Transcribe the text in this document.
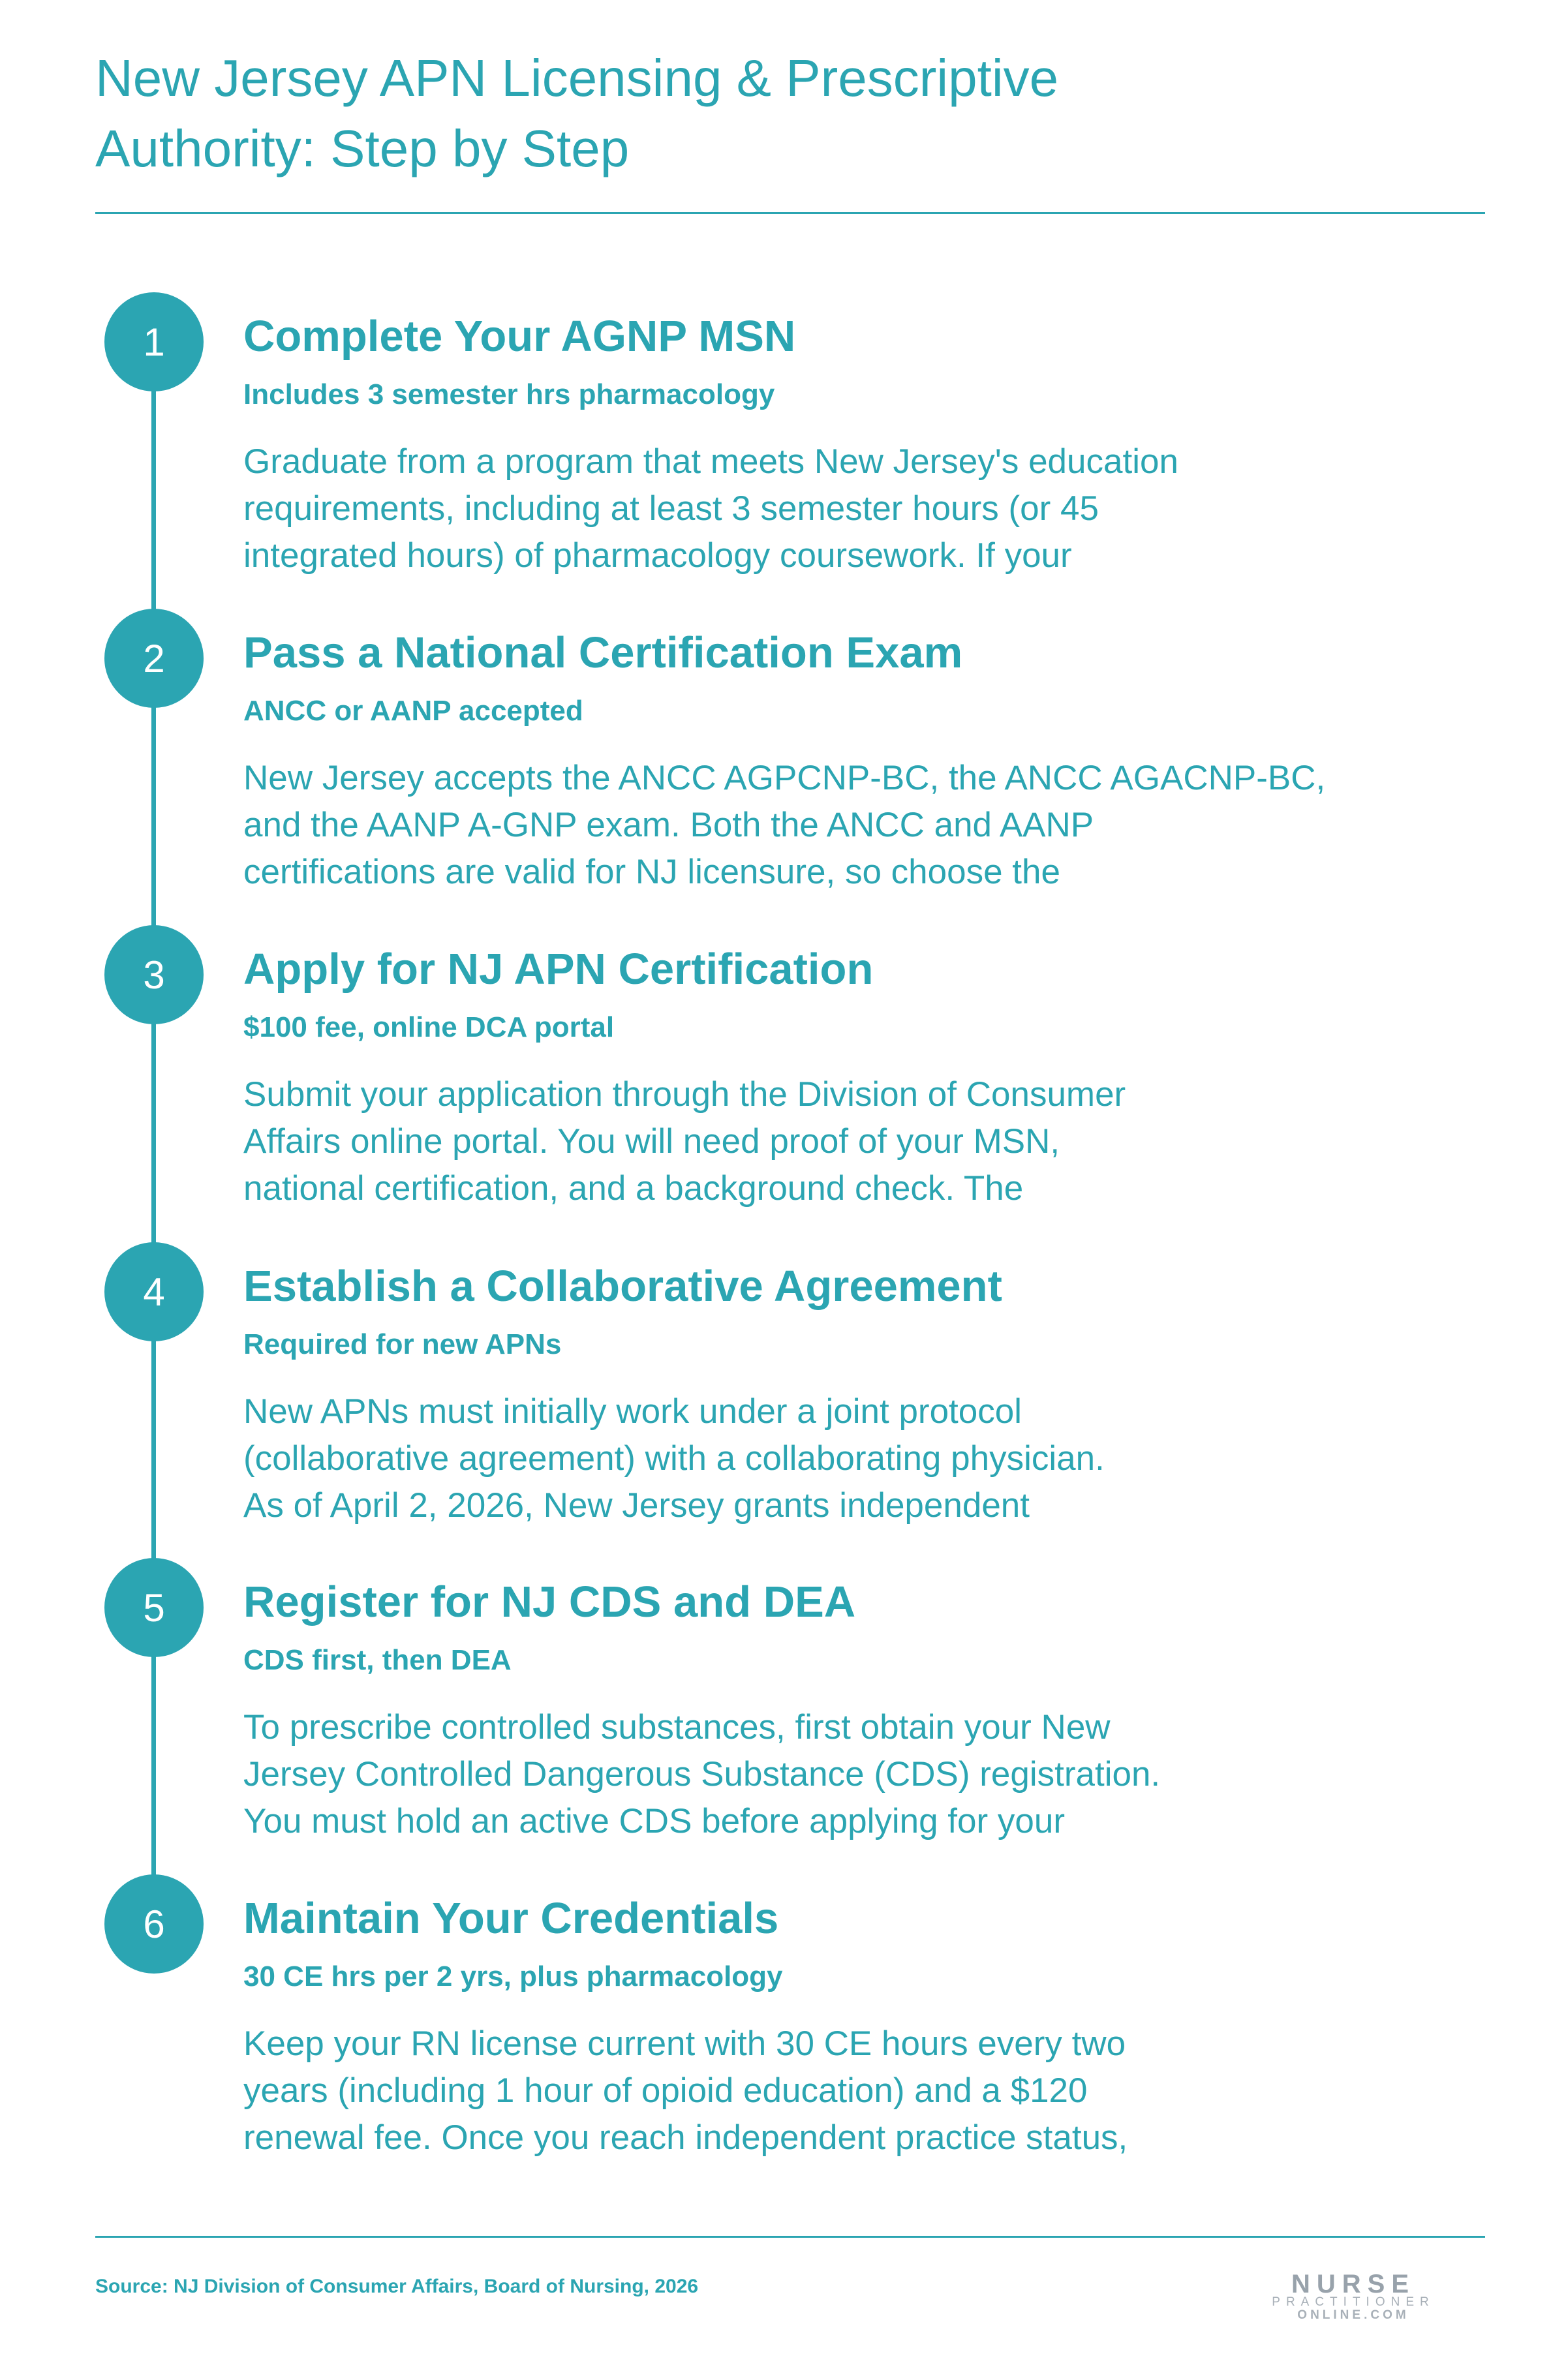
New Jersey APN Licensing & Prescriptive
Authority: Step by Step
1	Complete Your AGNP MSN
Includes 3 semester hrs pharmacology
Graduate from a program that meets New Jersey's education
requirements, including at least 3 semester hours (or 45
integrated hours) of pharmacology coursework. If your
2	Pass a National Certification Exam
ANCC or AANP accepted
New Jersey accepts the ANCC AGPCNP-BC, the ANCC AGACNP-BC,
and the AANP A-GNP exam. Both the ANCC and AANP
certifications are valid for NJ licensure, so choose the
3	Apply for NJ APN Certification
$100 fee, online DCA portal
Submit your application through the Division of Consumer
Affairs online portal. You will need proof of your MSN,
national certification, and a background check. The
4	Establish a Collaborative Agreement
Required for new APNs
New APNs must initially work under a joint protocol
(collaborative agreement) with a collaborating physician.
As of April 2, 2026, New Jersey grants independent
5	Register for NJ CDS and DEA
CDS first, then DEA
To prescribe controlled substances, first obtain your New
Jersey Controlled Dangerous Substance (CDS) registration.
You must hold an active CDS before applying for your
6	Maintain Your Credentials
30 CE hrs per 2 yrs, plus pharmacology
Keep your RN license current with 30 CE hours every two
years (including 1 hour of opioid education) and a $120
renewal fee. Once you reach independent practice status,
Source: NJ Division of Consumer Affairs, Board of Nursing, 2026	NURSE
PRACTITIONER
ONLINE.COM
